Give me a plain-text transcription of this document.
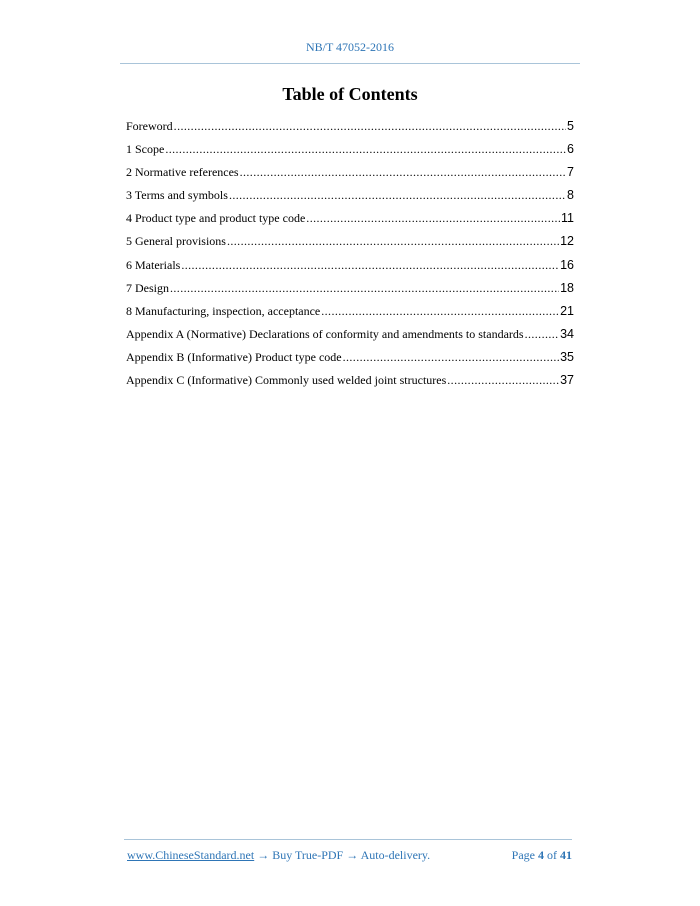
NB/T 47052-2016
Table of Contents
Foreword .....	5
1 Scope .....	6
2 Normative references .....	7
3 Terms and symbols .....	8
4 Product type and product type code .....	11
5 General provisions .....	12
6 Materials .....	16
7 Design .....	18
8 Manufacturing, inspection, acceptance .....	21
Appendix A (Normative) Declarations of conformity and amendments to standards .....	34
Appendix B (Informative) Product type code .....	35
Appendix C (Informative) Commonly used welded joint structures .....	37
www.ChineseStandard.net → Buy True-PDF → Auto-delivery.	Page 4 of 41
